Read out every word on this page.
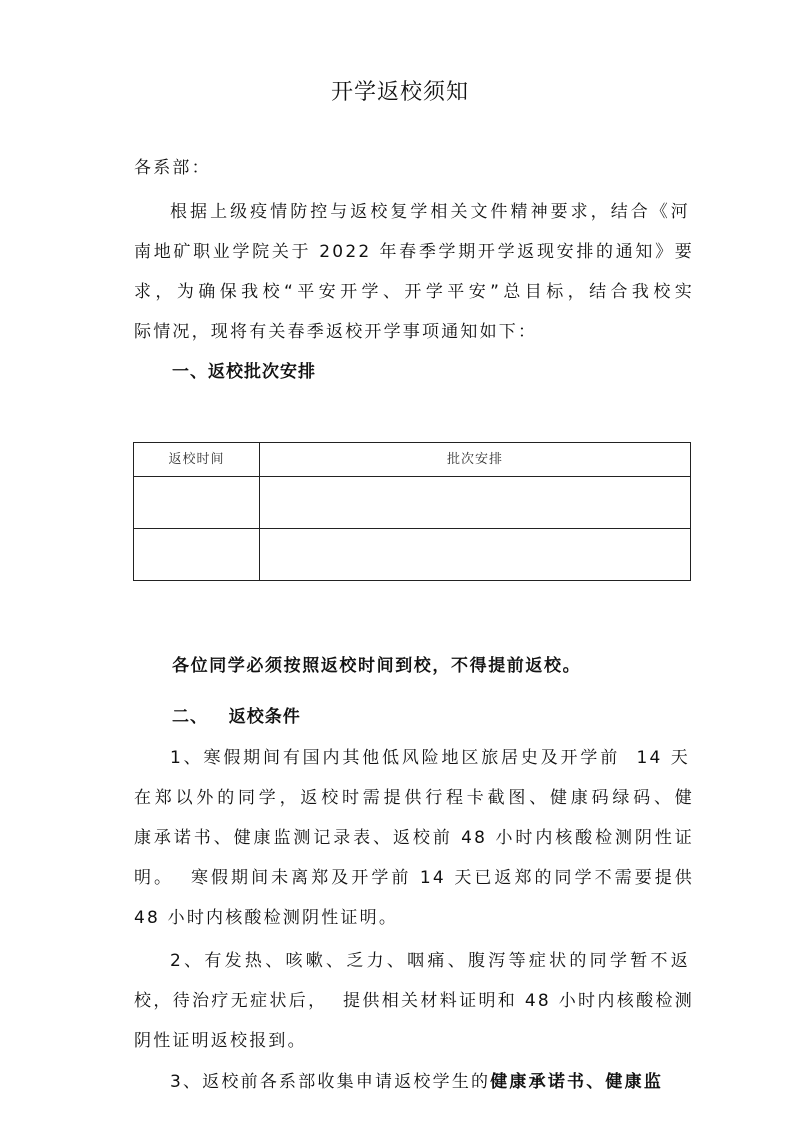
开学返校须知
各系部：
根据上级疫情防控与返校复学相关文件精神要求，结合《河
南地矿职业学院关于 2022 年春季学期开学返现安排的通知》要
求，为确保我校“平安开学、开学平安”总目标，结合我校实
际情况，现将有关春季返校开学事项通知如下：
一、返校批次安排
返校时间	批次安排

各位同学必须按照返校时间到校，不得提前返校。
二、   返校条件
1、寒假期间有国内其他低风险地区旅居史及开学前  14 天
在郑以外的同学，返校时需提供行程卡截图、健康码绿码、健
康承诺书、健康监测记录表、返校前 48 小时内核酸检测阴性证
明。  寒假期间未离郑及开学前 14 天已返郑的同学不需要提供
48 小时内核酸检测阴性证明。
2、有发热、咳嗽、乏力、咽痛、腹泻等症状的同学暂不返
校，待治疗无症状后，  提供相关材料证明和 48 小时内核酸检测
阴性证明返校报到。
3、返校前各系部收集申请返校学生的健康承诺书、健康监
